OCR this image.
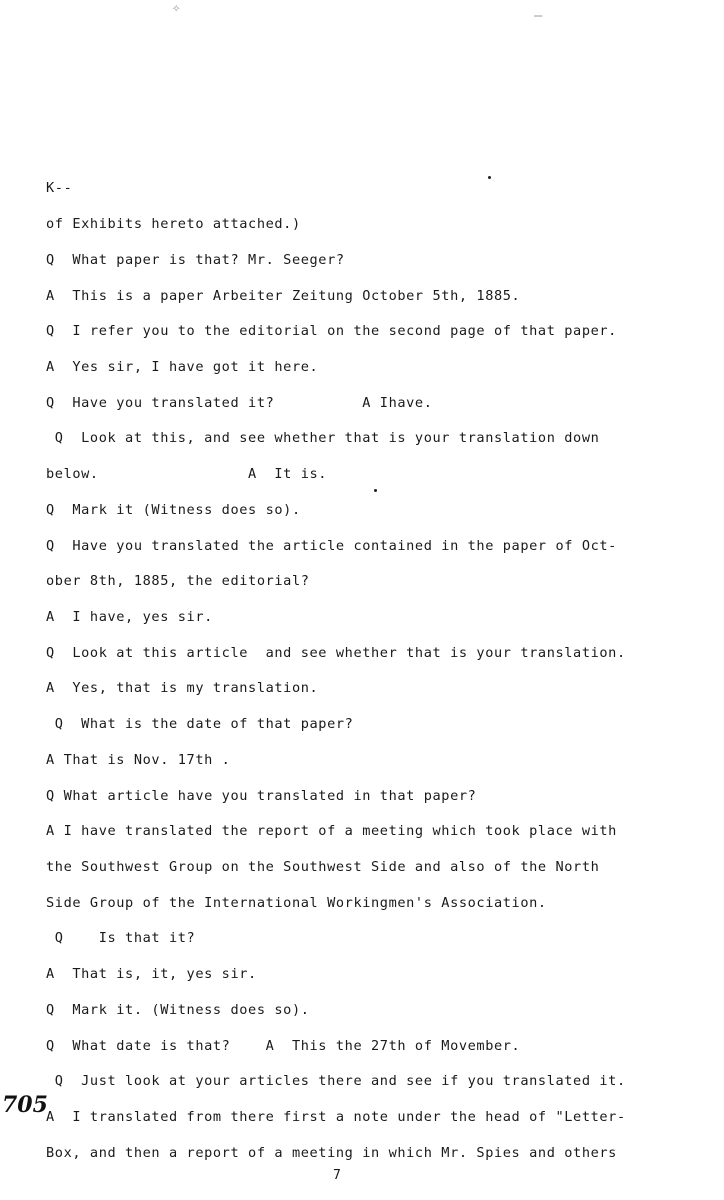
✧	―
K--
of Exhibits hereto attached.)
Q  What paper is that? Mr. Seeger?
A  This is a paper Arbeiter Zeitung October 5th, 1885.
Q  I refer you to the editorial on the second page of that paper.
A  Yes sir, I have got it here.
Q  Have you translated it?          A Ihave.
Q  Look at this, and see whether that is your translation down
below.                 A  It is.
Q  Mark it (Witness does so).
Q  Have you translated the article contained in the paper of Oct-
ober 8th, 1885, the editorial?
A  I have, yes sir.
Q  Look at this article  and see whether that is your translation.
A  Yes, that is my translation.
Q  What is the date of that paper?
A That is Nov. 17th .
Q What article have you translated in that paper?
A I have translated the report of a meeting which took place with
the Southwest Group on the Southwest Side and also of the North
Side Group of the International Workingmen's Association.
Q    Is that it?
A  That is, it, yes sir.
Q  Mark it. (Witness does so).
Q  What date is that?    A  This the 27th of Movember.
Q  Just look at your articles there and see if you translated it.
A  I translated from there first a note under the head of "Letter-
Box, and then a report of a meeting in which Mr. Spies and others
705
7
